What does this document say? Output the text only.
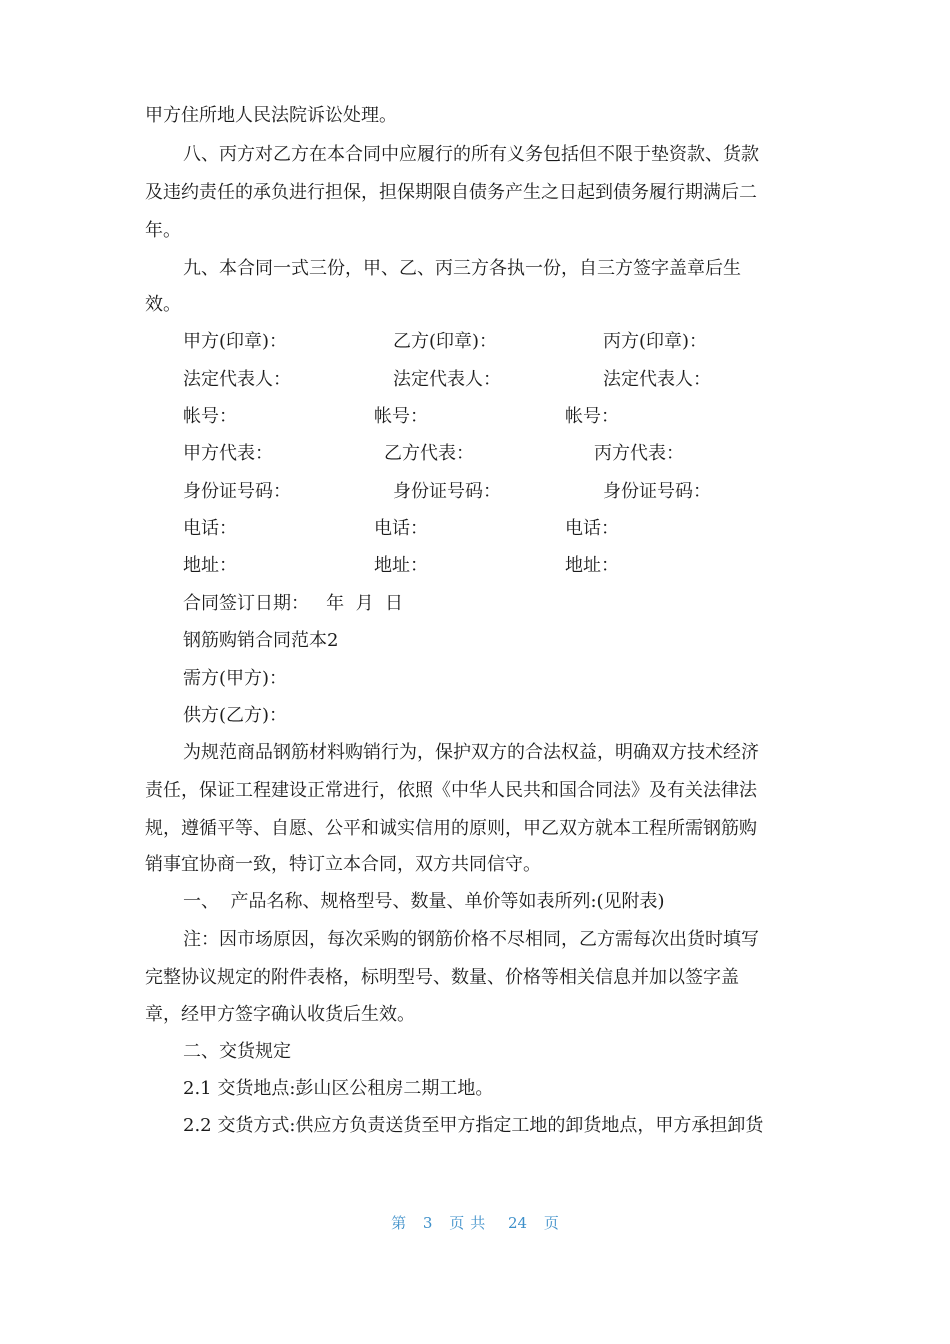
甲方住所地人民法院诉讼处理。
八、丙方对乙方在本合同中应履行的所有义务包括但不限于垫资款、货款
及违约责任的承负进行担保，担保期限自债务产生之日起到债务履行期满后二
年。
九、本合同一式三份，甲、乙、丙三方各执一份，自三方签字盖章后生
效。
甲方(印章)：	乙方(印章)：	丙方(印章)：
法定代表人：	法定代表人：	法定代表人：
帐号：	帐号：	帐号：
甲方代表：	乙方代表：	丙方代表：
身份证号码：	身份证号码：	身份证号码：
电话：	电话：	电话：
地址：	地址：	地址：
合同签订日期：   年  月  日
钢筋购销合同范本2
需方(甲方)：
供方(乙方)：
为规范商品钢筋材料购销行为，保护双方的合法权益，明确双方技术经济
责任，保证工程建设正常进行，依照《中华人民共和国合同法》及有关法律法
规，遵循平等、自愿、公平和诚实信用的原则，甲乙双方就本工程所需钢筋购
销事宜协商一致，特订立本合同，双方共同信守。
一、  产品名称、规格型号、数量、单价等如表所列:(见附表)
注：因市场原因，每次采购的钢筋价格不尽相同，乙方需每次出货时填写
完整协议规定的附件表格，标明型号、数量、价格等相关信息并加以签字盖
章，经甲方签字确认收货后生效。
二、交货规定
2.1 交货地点:彭山区公租房二期工地。
2.2 交货方式:供应方负责送货至甲方指定工地的卸货地点，甲方承担卸货
第 3 页共 24 页
